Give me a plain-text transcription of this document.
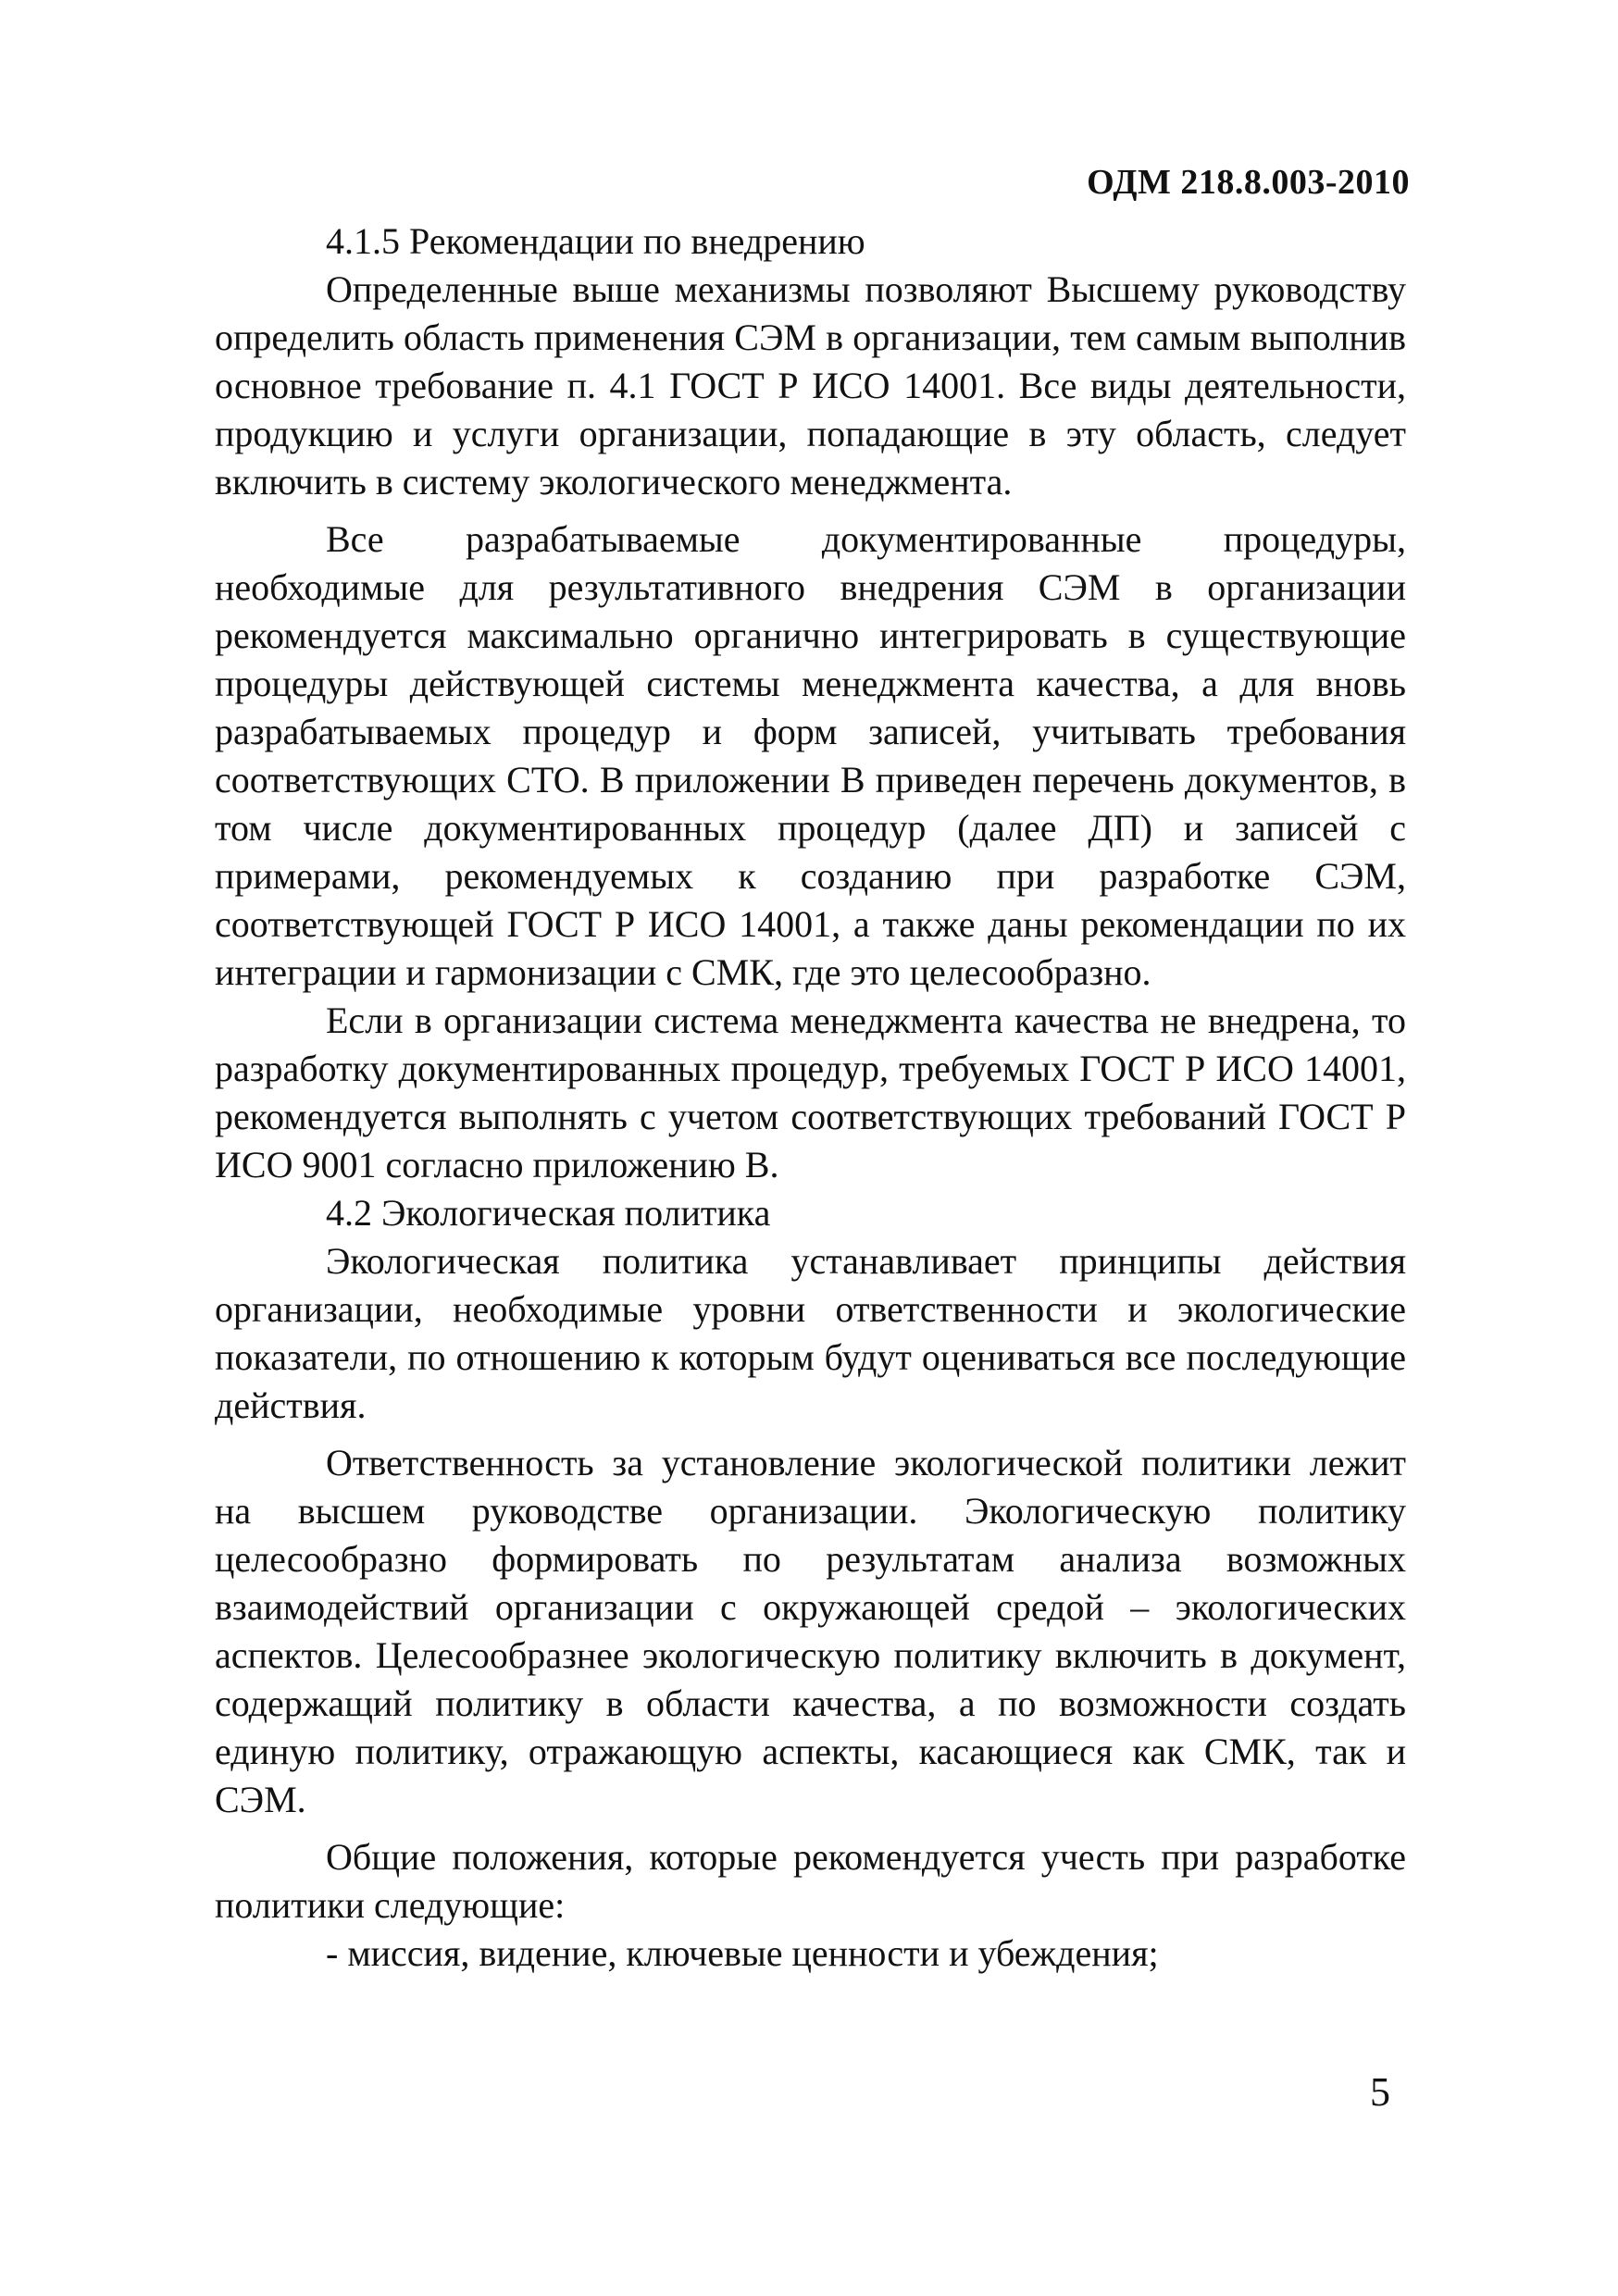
ОДМ 218.8.003-2010

4.1.5 Рекомендации по внедрению

Определенные выше механизмы позволяют Высшему руководству определить область применения СЭМ в организации, тем самым выполнив основное требование п. 4.1 ГОСТ Р ИСО 14001. Все виды деятельности, продукцию и услуги организации, попадающие в эту область, следует включить в систему экологического менеджмента.

Все разрабатываемые документированные процедуры, необходимые для результативного внедрения СЭМ в организации рекомендуется максимально органично интегрировать в существующие процедуры действующей системы менеджмента качества, а для вновь разрабатываемых процедур и форм записей, учитывать требования соответствующих СТО. В приложении В приведен перечень документов, в том числе документированных процедур (далее ДП) и записей с примерами, рекомендуемых к созданию при разработке СЭМ, соответствующей ГОСТ Р ИСО 14001, а также даны рекомендации по их интеграции и гармонизации с СМК, где это целесообразно.

Если в организации система менеджмента качества не внедрена, то разработку документированных процедур, требуемых ГОСТ Р ИСО 14001, рекомендуется выполнять с учетом соответствующих требований ГОСТ Р ИСО 9001 согласно приложению В.

4.2 Экологическая политика

Экологическая политика устанавливает принципы действия организации, необходимые уровни ответственности и экологические показатели, по отношению к которым будут оцениваться все последующие действия.

Ответственность за установление экологической политики лежит на высшем руководстве организации. Экологическую политику целесообразно формировать по результатам анализа возможных взаимодействий организации с окружающей средой – экологических аспектов. Целесообразнее экологическую политику включить в документ, содержащий политику в области качества, а по возможности создать единую политику, отражающую аспекты, касающиеся как СМК, так и СЭМ.

Общие положения, которые рекомендуется учесть при разработке политики следующие:

- миссия, видение, ключевые ценности и убеждения;

5
